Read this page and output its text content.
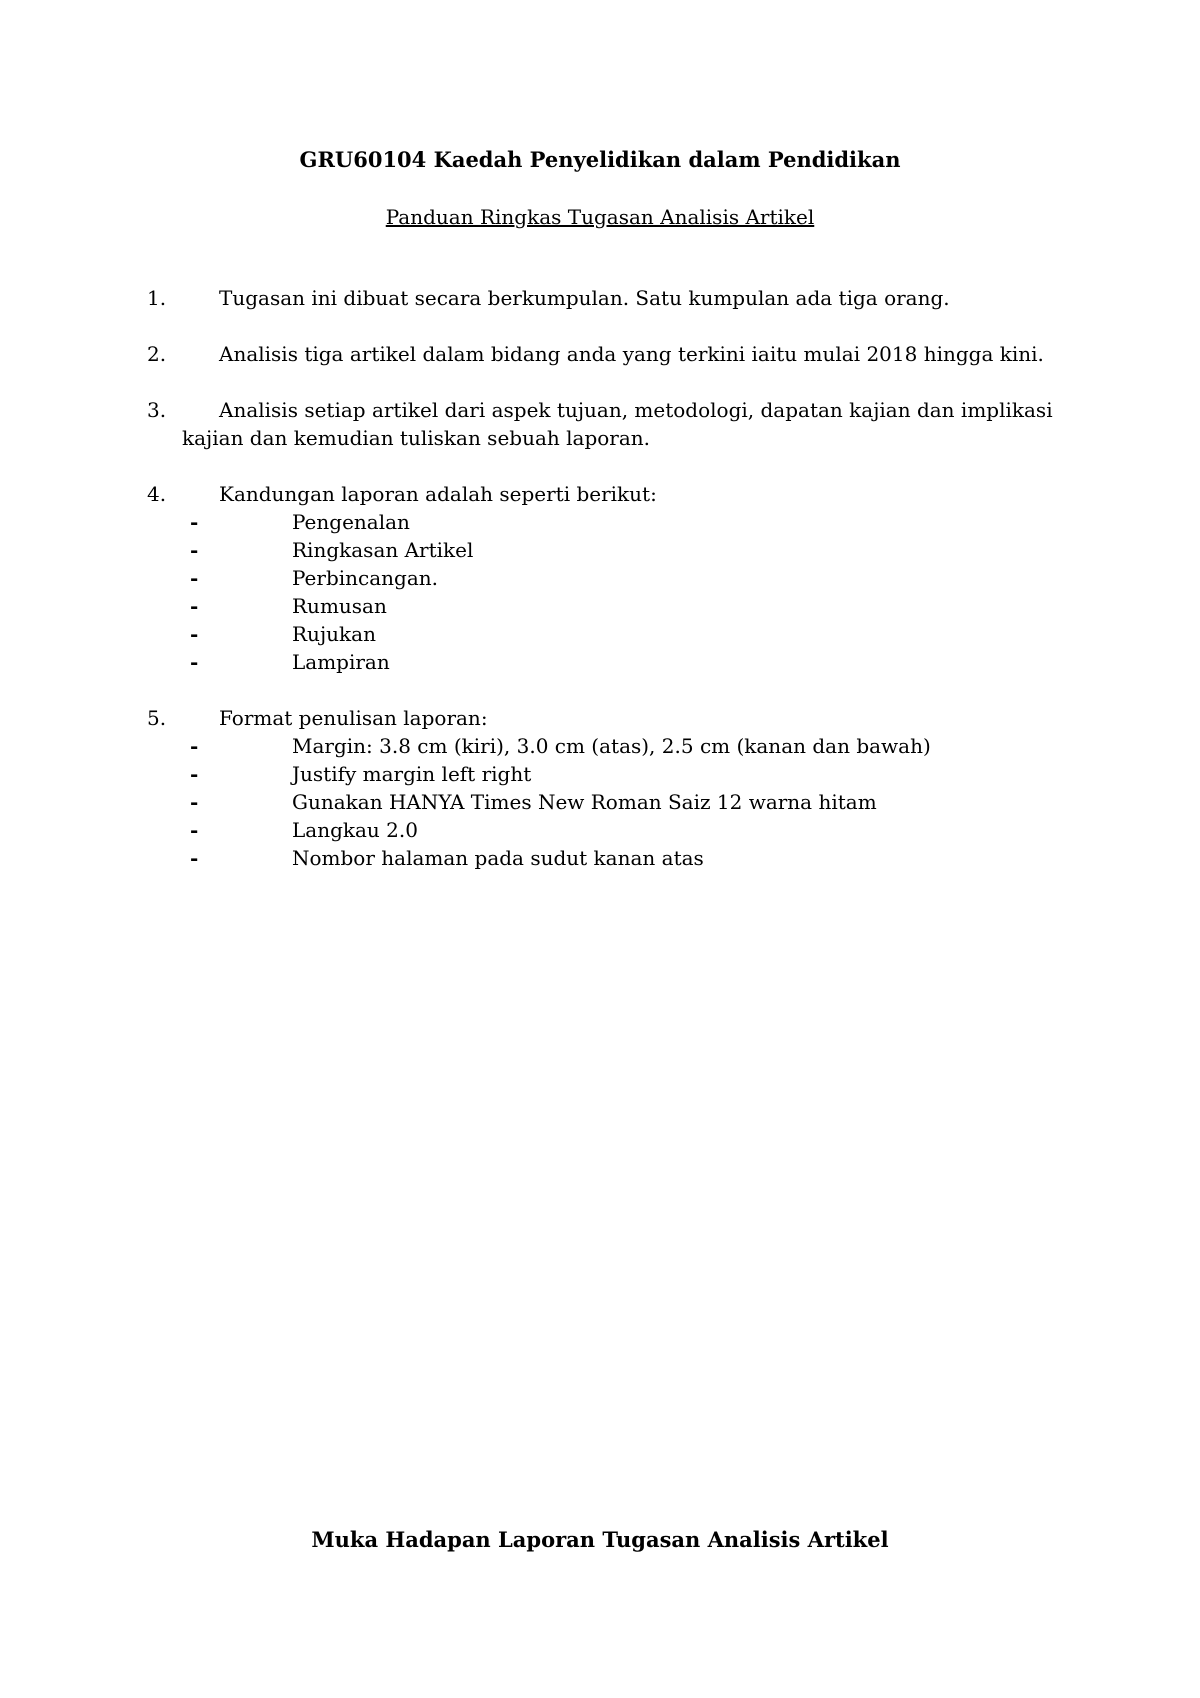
GRU60104 Kaedah Penyelidikan dalam Pendidikan
Panduan Ringkas Tugasan Analisis Artikel
1.	Tugasan ini dibuat secara berkumpulan. Satu kumpulan ada tiga orang.
2.	Analisis tiga artikel dalam bidang anda yang terkini iaitu mulai 2018 hingga kini.
3.	Analisis setiap artikel dari aspek tujuan, metodologi, dapatan kajian dan implikasi
kajian dan kemudian tuliskan sebuah laporan.
4.	Kandungan laporan adalah seperti berikut:
-	Pengenalan
-	Ringkasan Artikel
-	Perbincangan.
-	Rumusan
-	Rujukan
-	Lampiran
5.	Format penulisan laporan:
-	Margin: 3.8 cm (kiri), 3.0 cm (atas), 2.5 cm (kanan dan bawah)
-	Justify margin left right
-	Gunakan HANYA Times New Roman Saiz 12 warna hitam
-	Langkau 2.0
-	Nombor halaman pada sudut kanan atas
Muka Hadapan Laporan Tugasan Analisis Artikel
